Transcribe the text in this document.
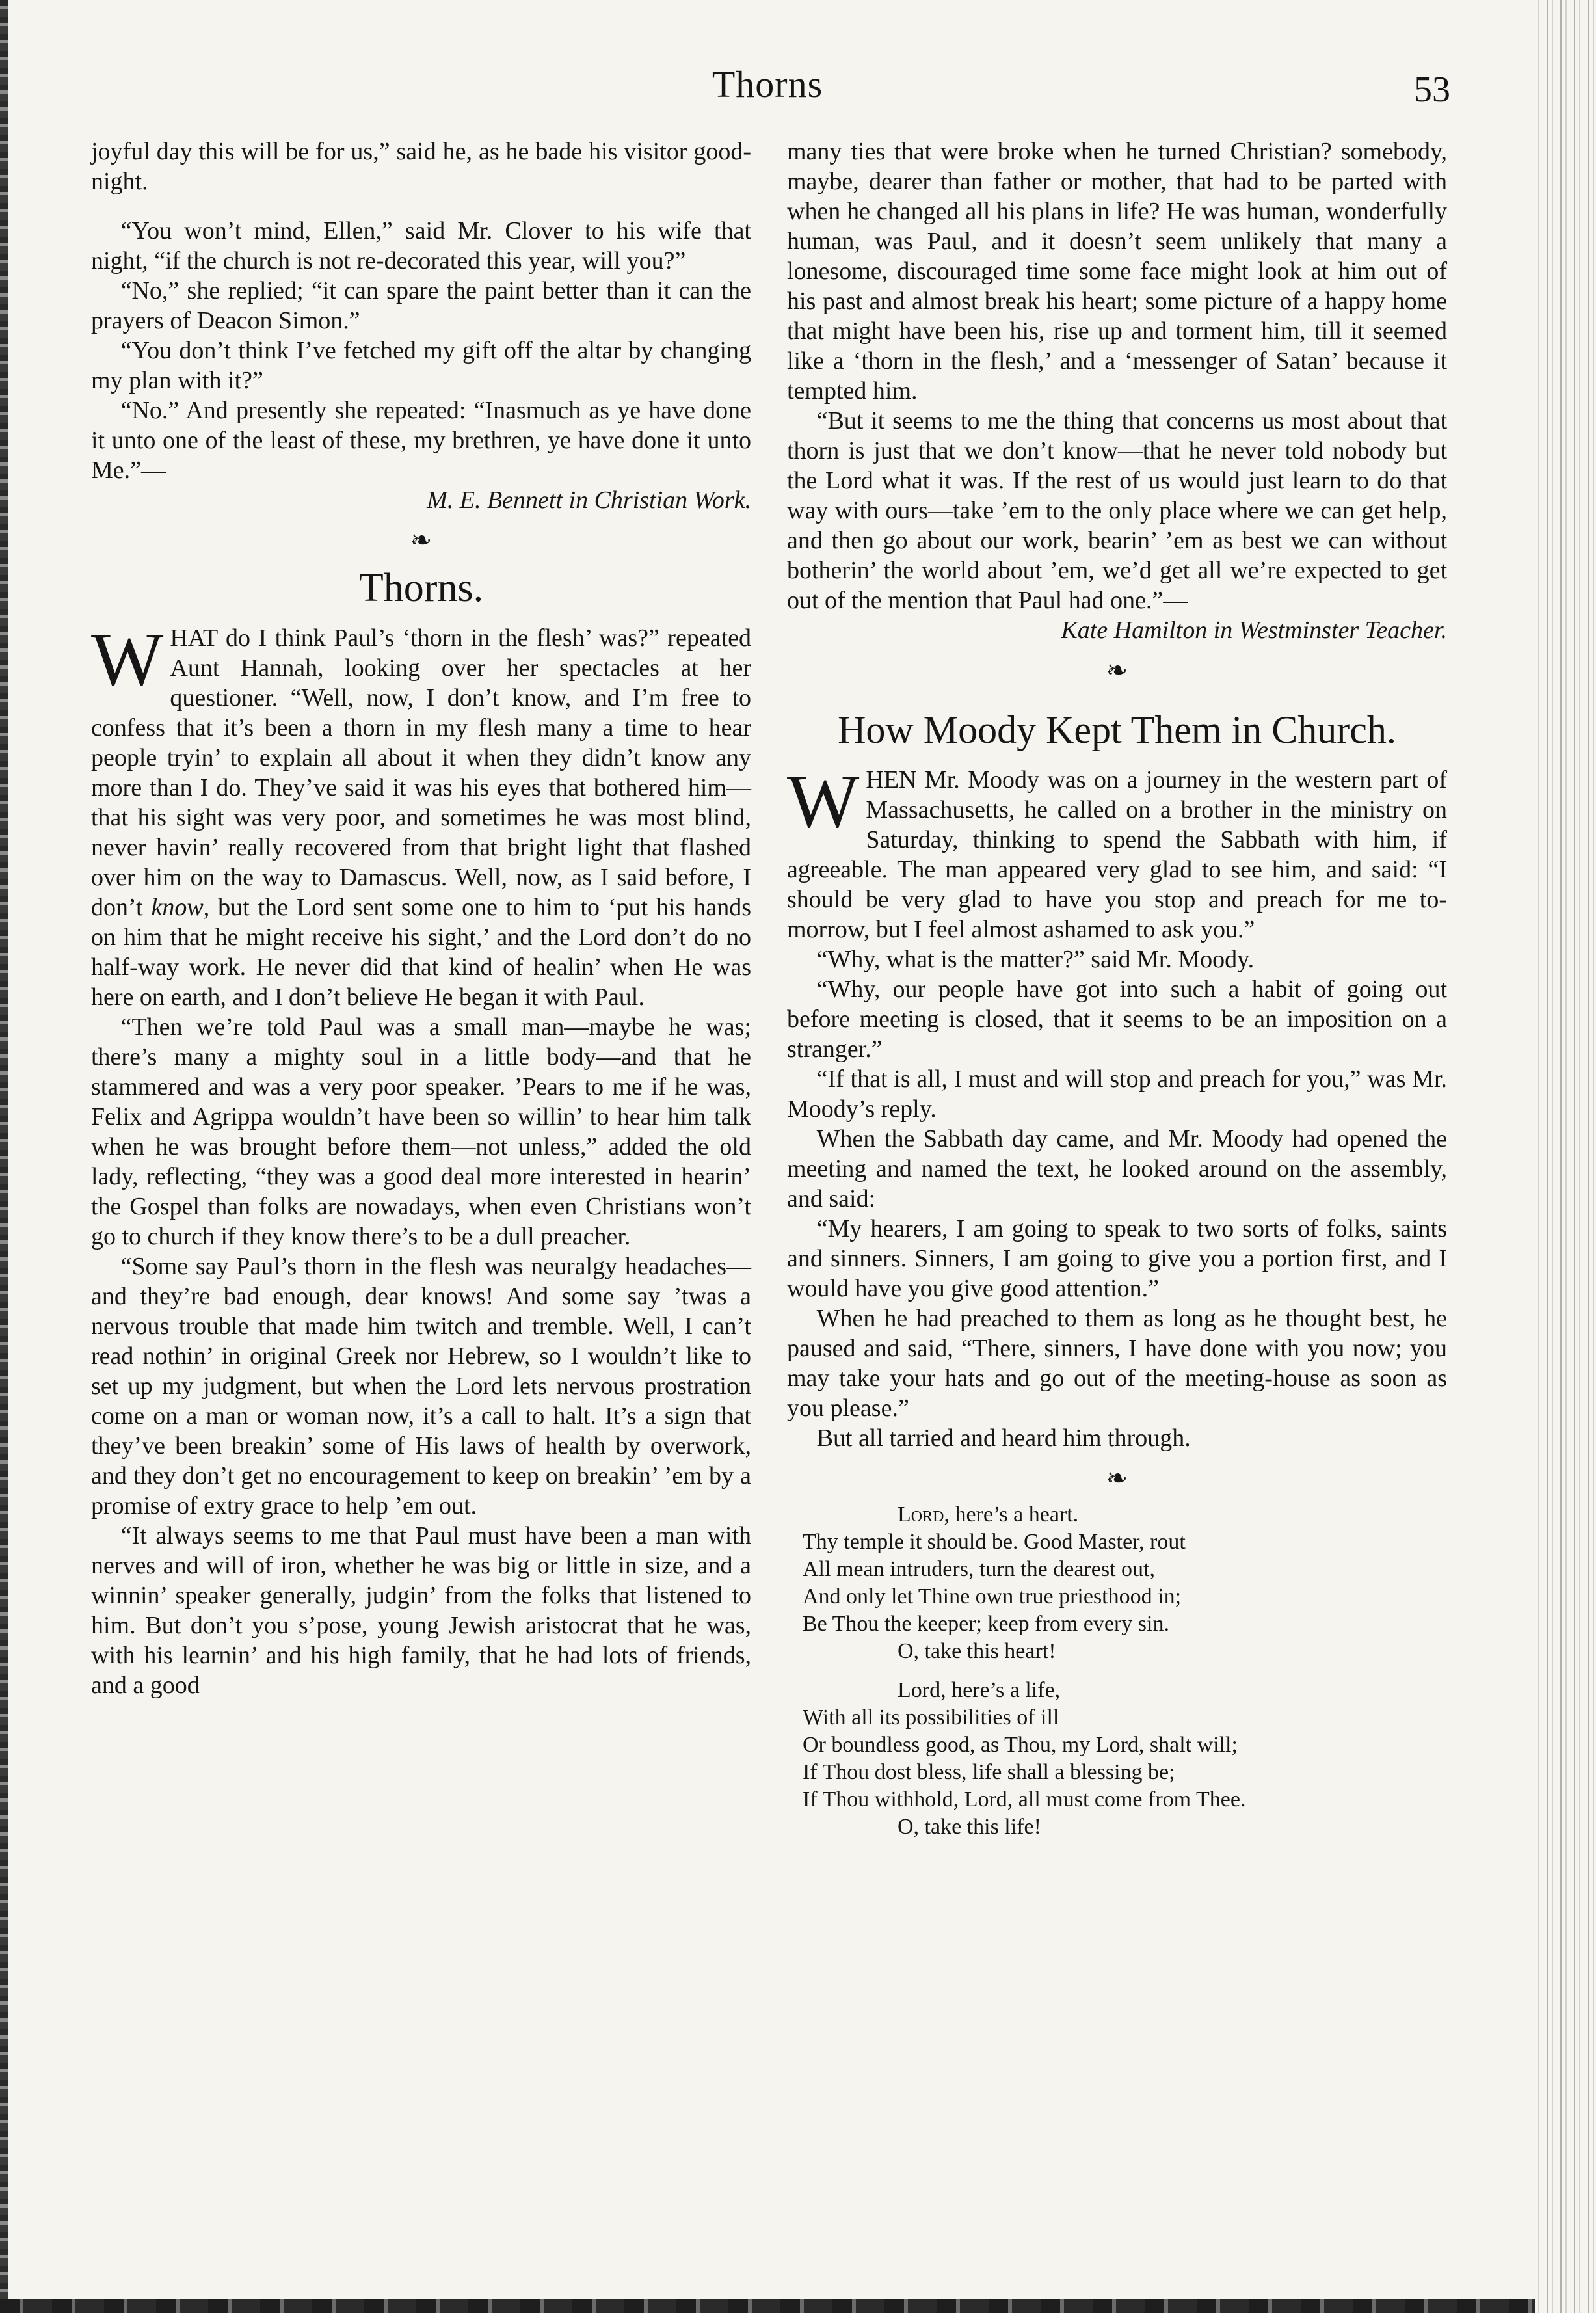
Thorns	53

joyful day this will be for us,” said he, as he bade his visitor good-night.

“You won’t mind, Ellen,” said Mr. Clover to his wife that night, “if the church is not re-decorated this year, will you?”

“No,” she replied; “it can spare the paint better than it can the prayers of Deacon Simon.”

“You don’t think I’ve fetched my gift off the altar by changing my plan with it?”

“No.” And presently she repeated: “Inasmuch as ye have done it unto one of the least of these, my brethren, ye have done it unto Me.”—

M. E. Bennett in Christian Work.
❧
Thorns.

WHAT do I think Paul’s ‘thorn in the flesh’ was?” repeated Aunt Hannah, looking over her spectacles at her questioner. “Well, now, I don’t know, and I’m free to confess that it’s been a thorn in my flesh many a time to hear people tryin’ to explain all about it when they didn’t know any more than I do. They’ve said it was his eyes that bothered him—that his sight was very poor, and sometimes he was most blind, never havin’ really recovered from that bright light that flashed over him on the way to Damascus. Well, now, as I said before, I don’t know, but the Lord sent some one to him to ‘put his hands on him that he might receive his sight,’ and the Lord don’t do no half-way work. He never did that kind of healin’ when He was here on earth, and I don’t believe He began it with Paul.

“Then we’re told Paul was a small man—maybe he was; there’s many a mighty soul in a little body—and that he stammered and was a very poor speaker. ’Pears to me if he was, Felix and Agrippa wouldn’t have been so willin’ to hear him talk when he was brought before them—not unless,” added the old lady, reflecting, “they was a good deal more interested in hearin’ the Gospel than folks are nowadays, when even Christians won’t go to church if they know there’s to be a dull preacher.

“Some say Paul’s thorn in the flesh was neuralgy headaches—and they’re bad enough, dear knows! And some say ’twas a nervous trouble that made him twitch and tremble. Well, I can’t read nothin’ in original Greek nor Hebrew, so I wouldn’t like to set up my judgment, but when the Lord lets nervous prostration come on a man or woman now, it’s a call to halt. It’s a sign that they’ve been breakin’ some of His laws of health by overwork, and they don’t get no encouragement to keep on breakin’ ’em by a promise of extry grace to help ’em out.

“It always seems to me that Paul must have been a man with nerves and will of iron, whether he was big or little in size, and a winnin’ speaker generally, judgin’ from the folks that listened to him. But don’t you s’pose, young Jewish aristocrat that he was, with his learnin’ and his high family, that he had lots of friends, and a good

many ties that were broke when he turned Christian? somebody, maybe, dearer than father or mother, that had to be parted with when he changed all his plans in life? He was human, wonderfully human, was Paul, and it doesn’t seem unlikely that many a lonesome, discouraged time some face might look at him out of his past and almost break his heart; some picture of a happy home that might have been his, rise up and torment him, till it seemed like a ‘thorn in the flesh,’ and a ‘messenger of Satan’ because it tempted him.

“But it seems to me the thing that concerns us most about that thorn is just that we don’t know—that he never told nobody but the Lord what it was. If the rest of us would just learn to do that way with ours—take ’em to the only place where we can get help, and then go about our work, bearin’ ’em as best we can without botherin’ the world about ’em, we’d get all we’re expected to get out of the mention that Paul had one.”—

Kate Hamilton in Westminster Teacher.
❧
How Moody Kept Them in Church.

WHEN Mr. Moody was on a journey in the western part of Massachusetts, he called on a brother in the ministry on Saturday, thinking to spend the Sabbath with him, if agreeable. The man appeared very glad to see him, and said: “I should be very glad to have you stop and preach for me to-morrow, but I feel almost ashamed to ask you.”

“Why, what is the matter?” said Mr. Moody.

“Why, our people have got into such a habit of going out before meeting is closed, that it seems to be an imposition on a stranger.”

“If that is all, I must and will stop and preach for you,” was Mr. Moody’s reply.

When the Sabbath day came, and Mr. Moody had opened the meeting and named the text, he looked around on the assembly, and said:

“My hearers, I am going to speak to two sorts of folks, saints and sinners. Sinners, I am going to give you a portion first, and I would have you give good attention.”

When he had preached to them as long as he thought best, he paused and said, “There, sinners, I have done with you now; you may take your hats and go out of the meeting-house as soon as you please.”

But all tarried and heard him through.

❧
Lord, here’s a heart.
Thy temple it should be. Good Master, rout
All mean intruders, turn the dearest out,
And only let Thine own true priesthood in;
Be Thou the keeper; keep from every sin.
O, take this heart!
Lord, here’s a life,
With all its possibilities of ill
Or boundless good, as Thou, my Lord, shalt will;
If Thou dost bless, life shall a blessing be;
If Thou withhold, Lord, all must come from Thee.
O, take this life!
